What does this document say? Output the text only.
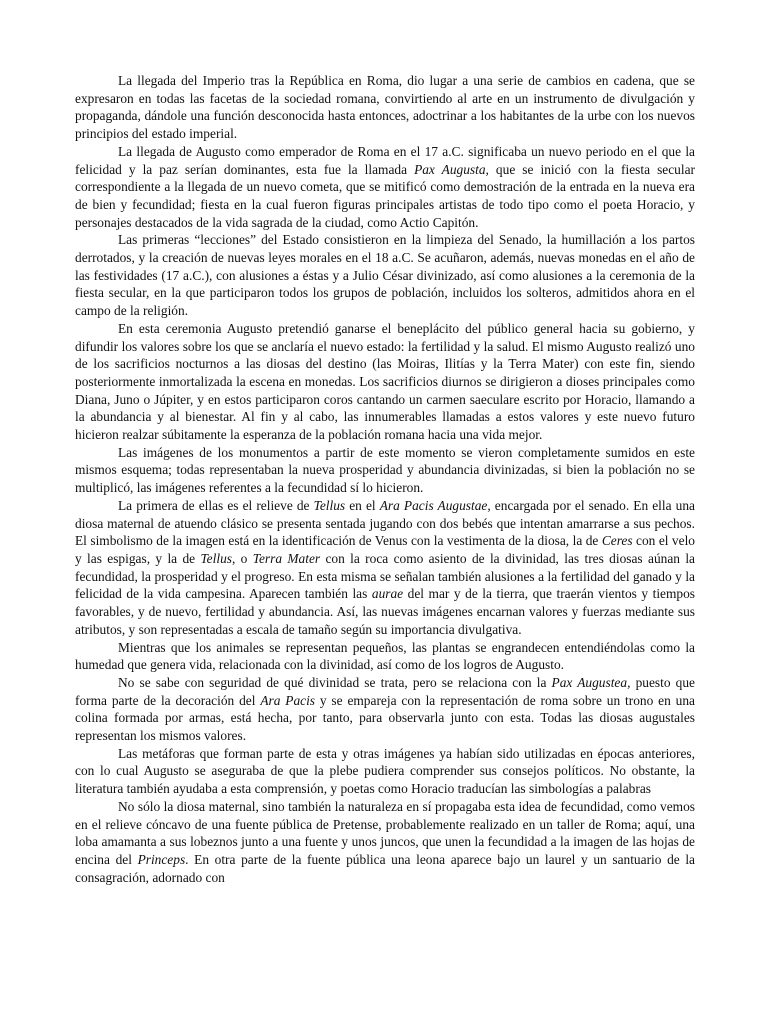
La llegada del Imperio tras la República en Roma, dio lugar a una serie de cambios en cadena, que se expresaron en todas las facetas de la sociedad romana, convirtiendo al arte en un instrumento de divulgación y propaganda, dándole una función desconocida hasta entonces, adoctrinar a los habitantes de la urbe con los nuevos principios del estado imperial.

La llegada de Augusto como emperador de Roma en el 17 a.C. significaba un nuevo periodo en el que la felicidad y la paz serían dominantes, esta fue la llamada Pax Augusta, que se inició con la fiesta secular correspondiente a la llegada de un nuevo cometa, que se mitificó como demostración de la entrada en la nueva era de bien y fecundidad; fiesta en la cual fueron figuras principales artistas de todo tipo como el poeta Horacio, y personajes destacados de la vida sagrada de la ciudad, como Actio Capitón.

Las primeras “lecciones” del Estado consistieron en la limpieza del Senado, la humillación a los partos derrotados, y la creación de nuevas leyes morales en el 18 a.C. Se acuñaron, además, nuevas monedas en el año de las festividades (17 a.C.), con alusiones a éstas y a Julio César divinizado, así como alusiones a la ceremonia de la fiesta secular, en la que participaron todos los grupos de población, incluidos los solteros, admitidos ahora en el campo de la religión.

En esta ceremonia Augusto pretendió ganarse el beneplácito del público general hacia su gobierno, y difundir los valores sobre los que se anclaría el nuevo estado: la fertilidad y la salud. El mismo Augusto realizó uno de los sacrificios nocturnos a las diosas del destino (las Moiras, Ilitías y la Terra Mater) con este fin, siendo posteriormente inmortalizada la escena en monedas. Los sacrificios diurnos se dirigieron a dioses principales como Diana, Juno o Júpiter, y en estos participaron coros cantando un carmen saeculare escrito por Horacio, llamando a la abundancia y al bienestar. Al fin y al cabo, las innumerables llamadas a estos valores y este nuevo futuro hicieron realzar súbitamente la esperanza de la población romana hacia una vida mejor.

Las imágenes de los monumentos a partir de este momento se vieron completamente sumidos en este mismos esquema; todas representaban la nueva prosperidad y abundancia divinizadas, si bien la población no se multiplicó, las imágenes referentes a la fecundidad sí lo hicieron.

La primera de ellas es el relieve de Tellus en el Ara Pacis Augustae, encargada por el senado. En ella una diosa maternal de atuendo clásico se presenta sentada jugando con dos bebés que intentan amarrarse a sus pechos. El simbolismo de la imagen está en la identificación de Venus con la vestimenta de la diosa, la de Ceres con el velo y las espigas, y la de Tellus, o Terra Mater con la roca como asiento de la divinidad, las tres diosas aúnan la fecundidad, la prosperidad y el progreso. En esta misma se señalan también alusiones a la fertilidad del ganado y la felicidad de la vida campesina. Aparecen también las aurae del mar y de la tierra, que traerán vientos y tiempos favorables, y de nuevo, fertilidad y abundancia. Así, las nuevas imágenes encarnan valores y fuerzas mediante sus atributos, y son representadas a escala de tamaño según su importancia divulgativa.

Mientras que los animales se representan pequeños, las plantas se engrandecen entendiéndolas como la humedad que genera vida, relacionada con la divinidad, así como de los logros de Augusto.

No se sabe con seguridad de qué divinidad se trata, pero se relaciona con la Pax Augustea, puesto que forma parte de la decoración del Ara Pacis y se empareja con la representación de roma sobre un trono en una colina formada por armas, está hecha, por tanto, para observarla junto con esta. Todas las diosas augustales representan los mismos valores.

Las metáforas que forman parte de esta y otras imágenes ya habían sido utilizadas en épocas anteriores, con lo cual Augusto se aseguraba de que la plebe pudiera comprender sus consejos políticos. No obstante, la literatura también ayudaba a esta comprensión, y poetas como Horacio traducían las simbologías a palabras

No sólo la diosa maternal, sino también la naturaleza en sí propagaba esta idea de fecundidad, como vemos en el relieve cóncavo de una fuente pública de Pretense, probablemente realizado en un taller de Roma; aquí, una loba amamanta a sus lobeznos junto a una fuente y unos juncos, que unen la fecundidad a la imagen de las hojas de encina del Princeps. En otra parte de la fuente pública una leona aparece bajo un laurel y un santuario de la consagración, adornado con
